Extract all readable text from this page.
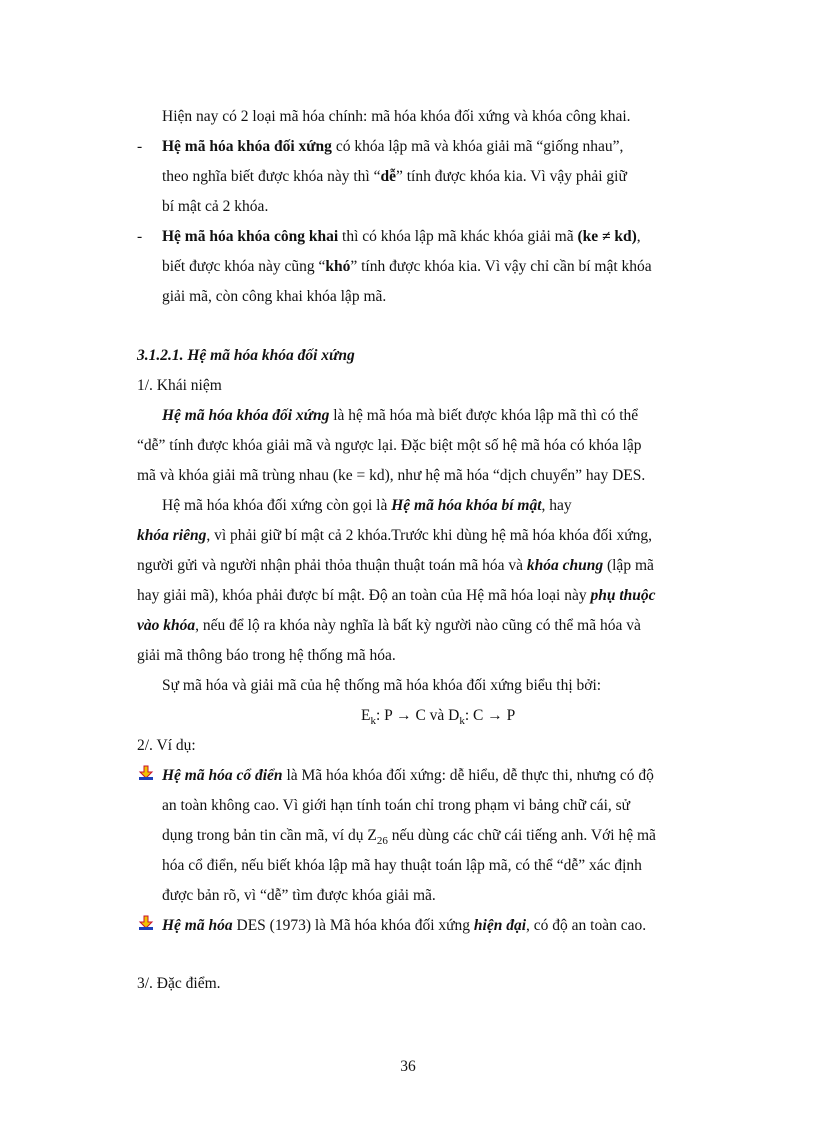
Hiện nay có 2 loại mã hóa chính: mã hóa khóa đối xứng và khóa công khai.
- Hệ mã hóa khóa đối xứng có khóa lập mã và khóa giải mã “giống nhau”,
theo nghĩa biết được khóa này thì “dễ” tính được khóa kia. Vì vậy phải giữ
bí mật cả 2 khóa.
- Hệ mã hóa khóa công khai thì có khóa lập mã khác khóa giải mã (ke ≠ kd),
biết được khóa này cũng “khó” tính được khóa kia. Vì vậy chỉ cần bí mật khóa
giải mã, còn công khai khóa lập mã.
3.1.2.1. Hệ mã hóa khóa đối xứng
1/. Khái niệm
Hệ mã hóa khóa đối xứng là hệ mã hóa mà biết được khóa lập mã thì có thể
“dễ” tính được khóa giải mã và ngược lại. Đặc biệt một số hệ mã hóa có khóa lập
mã và khóa giải mã trùng nhau (ke = kd), như hệ mã hóa “dịch chuyển” hay DES.
Hệ mã hóa khóa đối xứng còn gọi là Hệ mã hóa khóa bí mật, hay
khóa riêng, vì phải giữ bí mật cả 2 khóa.Trước khi dùng hệ mã hóa khóa đối xứng,
người gửi và người nhận phải thỏa thuận thuật toán mã hóa và khóa chung (lập mã
hay giải mã), khóa phải được bí mật. Độ an toàn của Hệ mã hóa loại này phụ thuộc
vào khóa, nếu để lộ ra khóa này nghĩa là bất kỳ người nào cũng có thể mã hóa và
giải mã thông báo trong hệ thống mã hóa.
Sự mã hóa và giải mã của hệ thống mã hóa khóa đối xứng biểu thị bởi:
$E_k$: P → C và $D_k$: C → P
2/. Ví dụ:
Hệ mã hóa cổ điển là Mã hóa khóa đối xứng: dễ hiểu, dễ thực thi, nhưng có độ
an toàn không cao. Vì giới hạn tính toán chỉ trong phạm vi bảng chữ cái, sử
dụng trong bản tin cần mã, ví dụ $Z_{26}$ nếu dùng các chữ cái tiếng anh. Với hệ mã
hóa cổ điển, nếu biết khóa lập mã hay thuật toán lập mã, có thể “dễ” xác định
được bản rõ, vì “dễ” tìm được khóa giải mã.
Hệ mã hóa DES (1973) là Mã hóa khóa đối xứng hiện đại, có độ an toàn cao.
3/. Đặc điểm.
36
